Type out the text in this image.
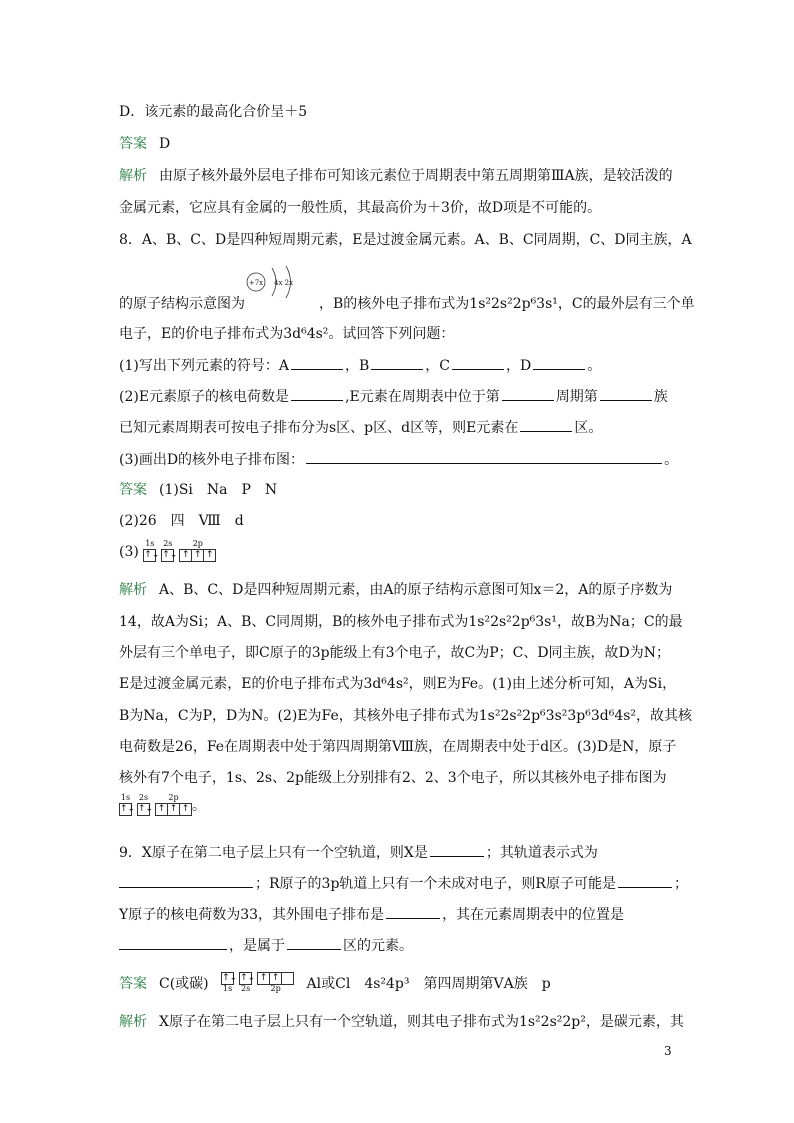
D．该元素的最高化合价呈＋5
答案 D
解析 由原子核外最外层电子排布可知该元素位于周期表中第五周期第ⅢA族，是较活泼的
金属元素，它应具有金属的一般性质，其最高价为＋3价，故D项是不可能的。
8．A、B、C、D是四种短周期元素，E是过渡金属元素。A、B、C同周期，C、D同主族，A
+7x 4x 2x
的原子结构示意图为	，B的核外电子排布式为1s²2s²2p⁶3s¹，C的最外层有三个单
电子，E的价电子排布式为3d⁶4s²。试回答下列问题：
(1)写出下列元素的符号：A	，B	，C	，D	。
(2)E元素原子的核电荷数是	,E元素在周期表中位于第	周期第	族
已知元素周期表可按电子排布分为s区、p区、d区等，则E元素在	区。
(3)画出D的核外电子排布图：	。
答案 (1)Si　Na　P　N
(2)26　四　Ⅷ　d
(3)
1s
↑↓
2s
↑↓
2p
↑ ↑ ↑
解析 A、B、C、D是四种短周期元素，由A的原子结构示意图可知x＝2，A的原子序数为
14，故A为Si；A、B、C同周期，B的核外电子排布式为1s²2s²2p⁶3s¹，故B为Na；C的最
外层有三个单电子，即C原子的3p能级上有3个电子，故C为P；C、D同主族，故D为N；
E是过渡金属元素，E的价电子排布式为3d⁶4s²，则E为Fe。(1)由上述分析可知，A为Si，
B为Na，C为P，D为N。(2)E为Fe，其核外电子排布式为1s²2s²2p⁶3s²3p⁶3d⁶4s²，故其核
电荷数是26，Fe在周期表中处于第四周期第Ⅷ族，在周期表中处于d区。(3)D是N，原子
核外有7个电子，1s、2s、2p能级上分别排有2、2、3个电子，所以其核外电子排布图为
1s
↑↓
2s
↑↓
2p
↑ ↑ ↑ 。
9．X原子在第二电子层上只有一个空轨道，则X是	；其轨道表示式为
；R原子的3p轨道上只有一个未成对电子，则R原子可能是	；
Y原子的核电荷数为33，其外围电子排布是	，其在元素周期表中的位置是
，是属于	区的元素。
答案 C(或碳) ↑↓
1s
↑↓
2s
↑ ↑
2p Al或Cl　4s²4p³　第四周期第ⅤA族　p
解析 X原子在第二电子层上只有一个空轨道，则其电子排布式为1s²2s²2p²，是碳元素，其
3
